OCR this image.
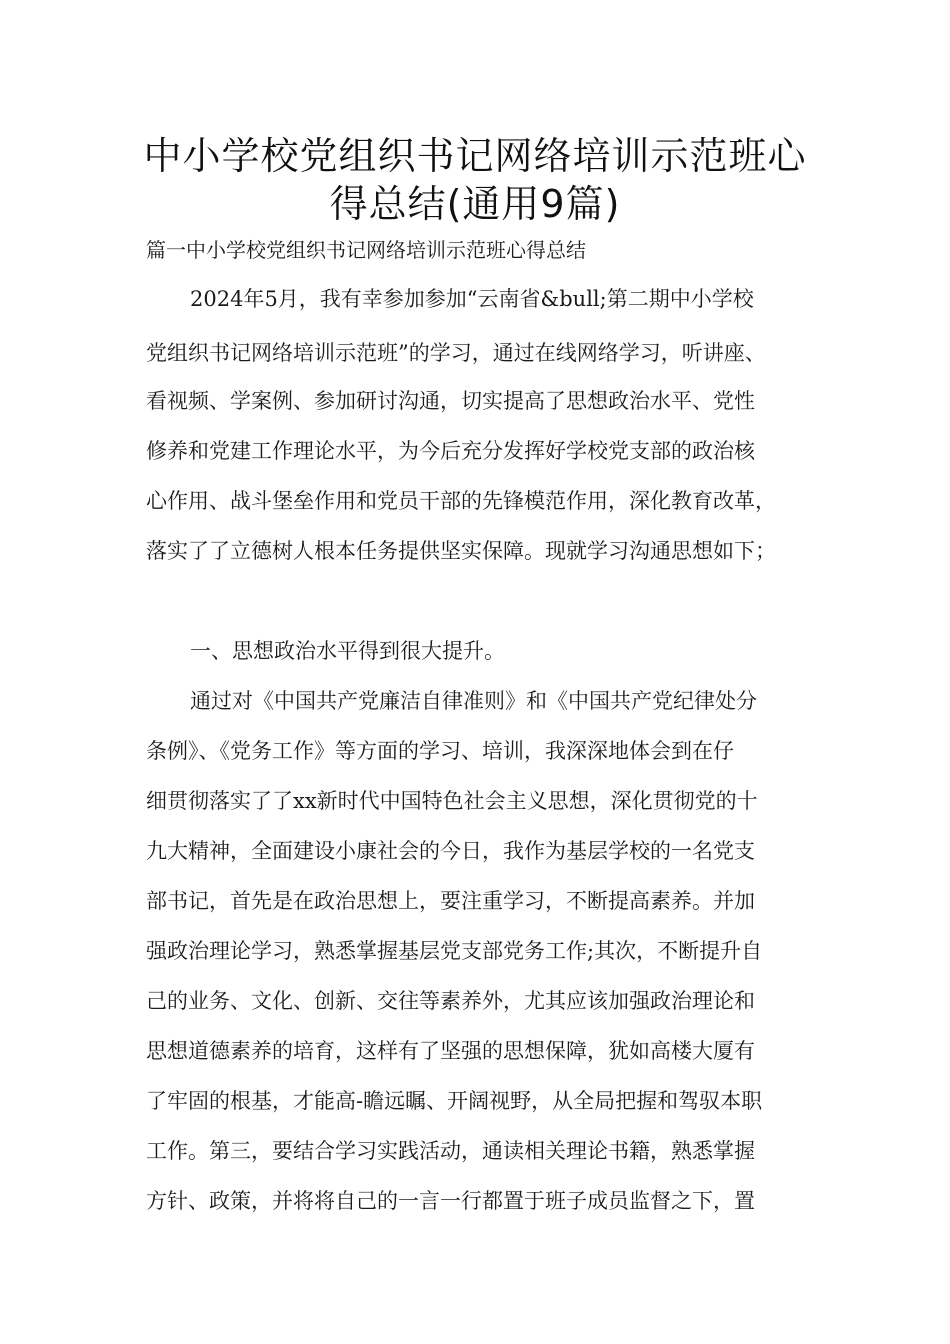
中小学校党组织书记网络培训示范班心
得总结(通用9篇)
篇一中小学校党组织书记网络培训示范班心得总结
2024年5月，我有幸参加参加“云南省&bull;第二期中小学校
党组织书记网络培训示范班”的学习，通过在线网络学习，听讲座、
看视频、学案例、参加研讨沟通，切实提高了思想政治水平、党性
修养和党建工作理论水平，为今后充分发挥好学校党支部的政治核
心作用、战斗堡垒作用和党员干部的先锋模范作用，深化教育改革，
落实了了立德树人根本任务提供坚实保障。现就学习沟通思想如下；
一、思想政治水平得到很大提升。
通过对《中国共产党廉洁自律准则》和《中国共产党纪律处分
条例》、《党务工作》等方面的学习、培训，我深深地体会到在仔
细贯彻落实了了xx新时代中国特色社会主义思想，深化贯彻党的十
九大精神，全面建设小康社会的今日，我作为基层学校的一名党支
部书记，首先是在政治思想上，要注重学习，不断提高素养。并加
强政治理论学习，熟悉掌握基层党支部党务工作;其次，不断提升自
己的业务、文化、创新、交往等素养外，尤其应该加强政治理论和
思想道德素养的培育，这样有了坚强的思想保障，犹如高楼大厦有
了牢固的根基，才能高-瞻远瞩、开阔视野，从全局把握和驾驭本职
工作。第三，要结合学习实践活动，通读相关理论书籍，熟悉掌握
方针、政策，并将将自己的一言一行都置于班子成员监督之下，置
